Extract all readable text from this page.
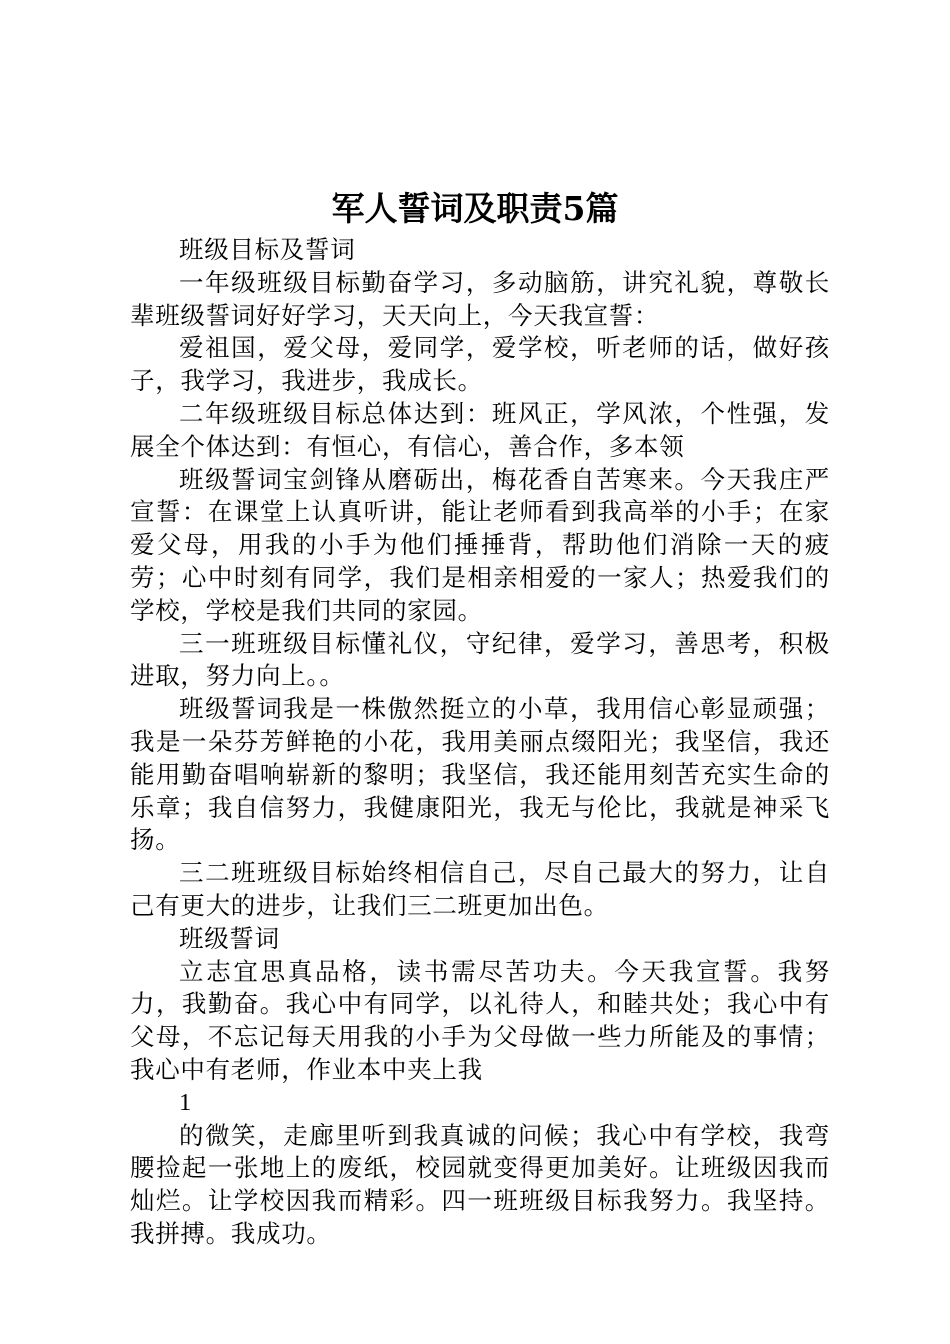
军人誓词及职责5篇

班级目标及誓词

一年级班级目标勤奋学习，多动脑筋，讲究礼貌，尊敬长辈班级誓词好好学习，天天向上，今天我宣誓：

爱祖国，爱父母，爱同学，爱学校，听老师的话，做好孩子，我学习，我进步，我成长。

二年级班级目标总体达到：班风正，学风浓，个性强，发展全个体达到：有恒心，有信心，善合作，多本领

班级誓词宝剑锋从磨砺出，梅花香自苦寒来。今天我庄严宣誓：在课堂上认真听讲，能让老师看到我高举的小手；在家爱父母，用我的小手为他们捶捶背，帮助他们消除一天的疲劳；心中时刻有同学，我们是相亲相爱的一家人；热爱我们的学校，学校是我们共同的家园。

三一班班级目标懂礼仪，守纪律，爱学习，善思考，积极进取，努力向上。。

班级誓词我是一株傲然挺立的小草，我用信心彰显顽强；我是一朵芬芳鲜艳的小花，我用美丽点缀阳光；我坚信，我还能用勤奋唱响崭新的黎明；我坚信，我还能用刻苦充实生命的乐章；我自信努力，我健康阳光，我无与伦比，我就是神采飞扬。

三二班班级目标始终相信自己，尽自己最大的努力，让自己有更大的进步，让我们三二班更加出色。

班级誓词

立志宜思真品格，读书需尽苦功夫。今天我宣誓。我努力，我勤奋。我心中有同学，以礼待人，和睦共处；我心中有父母，不忘记每天用我的小手为父母做一些力所能及的事情；我心中有老师，作业本中夹上我

1

的微笑，走廊里听到我真诚的问候；我心中有学校，我弯腰捡起一张地上的废纸，校园就变得更加美好。让班级因我而灿烂。让学校因我而精彩。四一班班级目标我努力。我坚持。我拼搏。我成功。
